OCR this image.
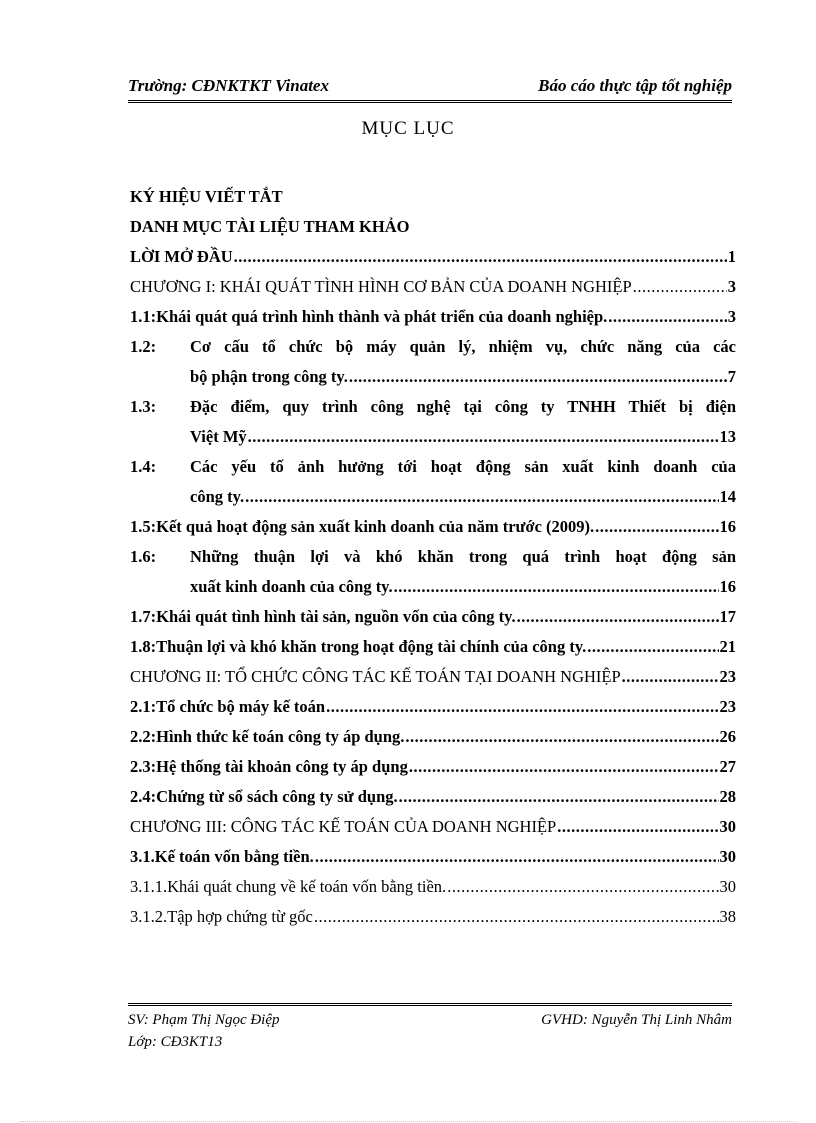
Trường: CĐNKTKT Vinatex	Báo cáo thực tập tốt nghiệp
MỤC LỤC
KÝ HIỆU VIẾT TẮT
DANH MỤC TÀI LIỆU THAM KHẢO
LỜI MỞ ĐẦU .....	1
CHƯƠNG I: KHÁI QUÁT TÌNH HÌNH CƠ BẢN CỦA DOANH NGHIỆP .....	3
1.1: Khái quát quá trình hình thành và phát triển của doanh nghiệp. .....	3
1.2:	Cơ cấu tổ chức bộ máy quản lý, nhiệm vụ, chức năng của các
bộ phận trong công ty. .....	7
1.3:	Đặc điểm, quy trình công nghệ tại công ty TNHH Thiết bị điện
Việt Mỹ .....	13
1.4:	Các yếu tố ảnh hưởng tới hoạt động sản xuất kinh doanh của
công ty. .....	14
1.5: Kết quả hoạt động sản xuất kinh doanh của năm trước (2009). .....	16
1.6:	Những thuận lợi và khó khăn trong quá trình hoạt động sản
xuất kinh doanh của công ty. .....	16
1.7: Khái quát tình hình tài sản, nguồn vốn của công ty. .....	17
1.8: Thuận lợi và khó khăn trong hoạt động tài chính của công ty. .....	21
CHƯƠNG II: TỔ CHỨC CÔNG TÁC KẾ TOÁN TẠI DOANH NGHIỆP .....	23
2.1: Tổ chức bộ máy kế toán .....	23
2.2: Hình thức kế toán công ty áp dụng. .....	26
2.3: Hệ thống tài khoản công ty áp dụng .....	27
2.4: Chứng từ sổ sách công ty sử dụng. .....	28
CHƯƠNG III: CÔNG TÁC KẾ TOÁN CỦA DOANH NGHIỆP .....	30
3.1. Kế toán vốn bằng tiền. .....	30
3.1.1. Khái quát chung về kế toán vốn bằng tiền. .....	30
3.1.2. Tập hợp chứng từ gốc .....	38
SV: Phạm Thị Ngọc Điệp	GVHD: Nguyễn Thị Linh Nhâm
Lớp: CĐ3KT13
